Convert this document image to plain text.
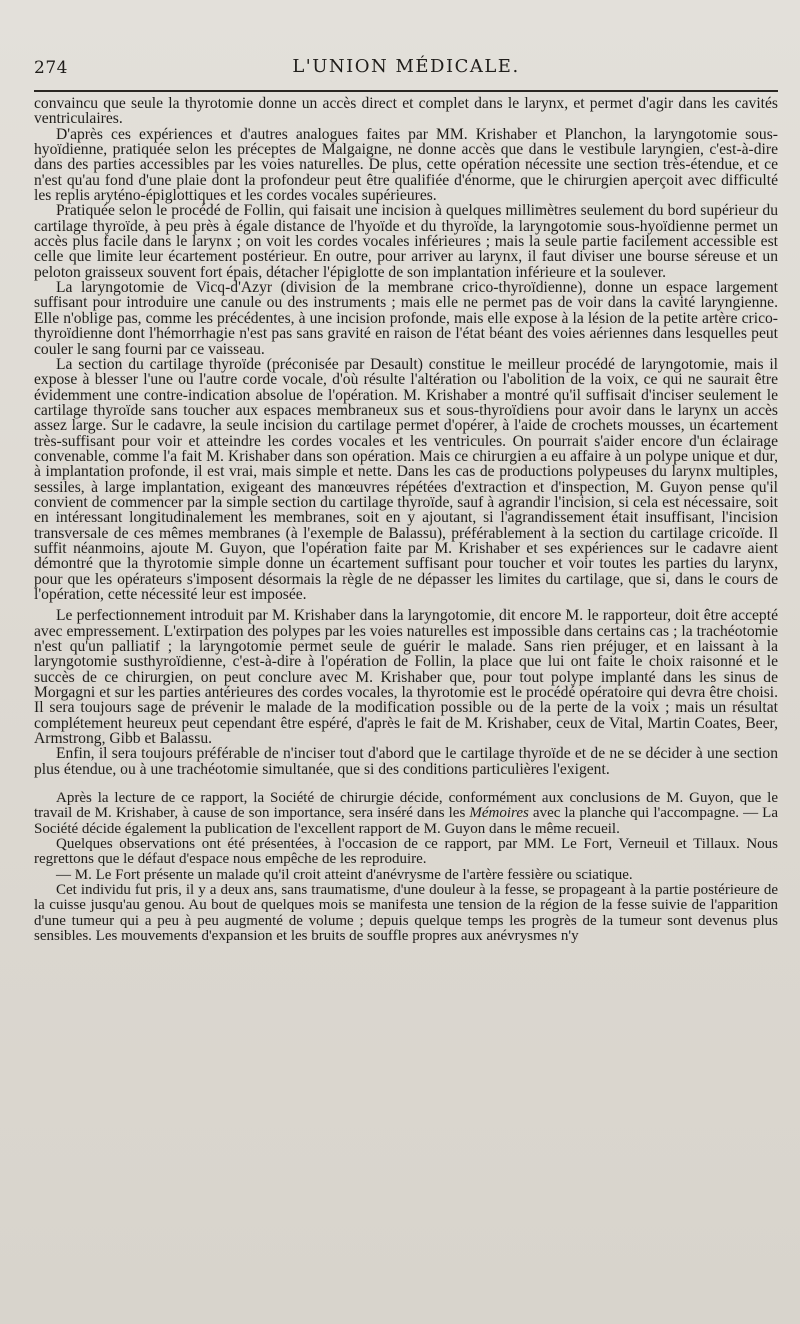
274	L'UNION MÉDICALE.

convaincu que seule la thyrotomie donne un accès direct et complet dans le larynx, et permet d'agir dans les cavités ventriculaires.

D'après ces expériences et d'autres analogues faites par MM. Krishaber et Planchon, la laryngotomie sous-hyoïdienne, pratiquée selon les préceptes de Malgaigne, ne donne accès que dans le vestibule laryngien, c'est-à-dire dans des parties accessibles par les voies naturelles. De plus, cette opération nécessite une section très-étendue, et ce n'est qu'au fond d'une plaie dont la profondeur peut être qualifiée d'énorme, que le chirurgien aperçoit avec difficulté les replis aryténo-épiglottiques et les cordes vocales supérieures.

Pratiquée selon le procédé de Follin, qui faisait une incision à quelques millimètres seulement du bord supérieur du cartilage thyroïde, à peu près à égale distance de l'hyoïde et du thyroïde, la laryngotomie sous-hyoïdienne permet un accès plus facile dans le larynx ; on voit les cordes vocales inférieures ; mais la seule partie facilement accessible est celle que limite leur écartement postérieur. En outre, pour arriver au larynx, il faut diviser une bourse séreuse et un peloton graisseux souvent fort épais, détacher l'épiglotte de son implantation inférieure et la soulever.

La laryngotomie de Vicq-d'Azyr (division de la membrane crico-thyroïdienne), donne un espace largement suffisant pour introduire une canule ou des instruments ; mais elle ne permet pas de voir dans la cavité laryngienne. Elle n'oblige pas, comme les précédentes, à une incision profonde, mais elle expose à la lésion de la petite artère crico-thyroïdienne dont l'hémorrhagie n'est pas sans gravité en raison de l'état béant des voies aériennes dans lesquelles peut couler le sang fourni par ce vaisseau.

La section du cartilage thyroïde (préconisée par Desault) constitue le meilleur procédé de laryngotomie, mais il expose à blesser l'une ou l'autre corde vocale, d'où résulte l'altération ou l'abolition de la voix, ce qui ne saurait être évidemment une contre-indication absolue de l'opération. M. Krishaber a montré qu'il suffisait d'inciser seulement le cartilage thyroïde sans toucher aux espaces membraneux sus et sous-thyroïdiens pour avoir dans le larynx un accès assez large. Sur le cadavre, la seule incision du cartilage permet d'opérer, à l'aide de crochets mousses, un écartement très-suffisant pour voir et atteindre les cordes vocales et les ventricules. On pourrait s'aider encore d'un éclairage convenable, comme l'a fait M. Krishaber dans son opération. Mais ce chirurgien a eu affaire à un polype unique et dur, à implantation profonde, il est vrai, mais simple et nette. Dans les cas de productions polypeuses du larynx multiples, sessiles, à large implantation, exigeant des manœuvres répétées d'extraction et d'inspection, M. Guyon pense qu'il convient de commencer par la simple section du cartilage thyroïde, sauf à agrandir l'incision, si cela est nécessaire, soit en intéressant longitudinalement les membranes, soit en y ajoutant, si l'agrandissement était insuffisant, l'incision transversale de ces mêmes membranes (à l'exemple de Balassu), préférablement à la section du cartilage cricoïde. Il suffit néanmoins, ajoute M. Guyon, que l'opération faite par M. Krishaber et ses expériences sur le cadavre aient démontré que la thyrotomie simple donne un écartement suffisant pour toucher et voir toutes les parties du larynx, pour que les opérateurs s'imposent désormais la règle de ne dépasser les limites du cartilage, que si, dans le cours de l'opération, cette nécessité leur est imposée.

Le perfectionnement introduit par M. Krishaber dans la laryngotomie, dit encore M. le rapporteur, doit être accepté avec empressement. L'extirpation des polypes par les voies naturelles est impossible dans certains cas ; la trachéotomie n'est qu'un palliatif ; la laryngotomie permet seule de guérir le malade. Sans rien préjuger, et en laissant à la laryngotomie susthyroïdienne, c'est-à-dire à l'opération de Follin, la place que lui ont faite le choix raisonné et le succès de ce chirurgien, on peut conclure avec M. Krishaber que, pour tout polype implanté dans les sinus de Morgagni et sur les parties antérieures des cordes vocales, la thyrotomie est le procédé opératoire qui devra être choisi. Il sera toujours sage de prévenir le malade de la modification possible ou de la perte de la voix ; mais un résultat complétement heureux peut cependant être espéré, d'après le fait de M. Krishaber, ceux de Vital, Martin Coates, Beer, Armstrong, Gibb et Balassu.

Enfin, il sera toujours préférable de n'inciser tout d'abord que le cartilage thyroïde et de ne se décider à une section plus étendue, ou à une trachéotomie simultanée, que si des conditions particulières l'exigent.

Après la lecture de ce rapport, la Société de chirurgie décide, conformément aux conclusions de M. Guyon, que le travail de M. Krishaber, à cause de son importance, sera inséré dans les Mémoires avec la planche qui l'accompagne. — La Société décide également la publication de l'excellent rapport de M. Guyon dans le même recueil.

Quelques observations ont été présentées, à l'occasion de ce rapport, par MM. Le Fort, Verneuil et Tillaux. Nous regrettons que le défaut d'espace nous empêche de les reproduire.

— M. Le Fort présente un malade qu'il croit atteint d'anévrysme de l'artère fessière ou sciatique.

Cet individu fut pris, il y a deux ans, sans traumatisme, d'une douleur à la fesse, se propageant à la partie postérieure de la cuisse jusqu'au genou. Au bout de quelques mois se manifesta une tension de la région de la fesse suivie de l'apparition d'une tumeur qui a peu à peu augmenté de volume ; depuis quelque temps les progrès de la tumeur sont devenus plus sensibles. Les mouvements d'expansion et les bruits de souffle propres aux anévrysmes n'y
